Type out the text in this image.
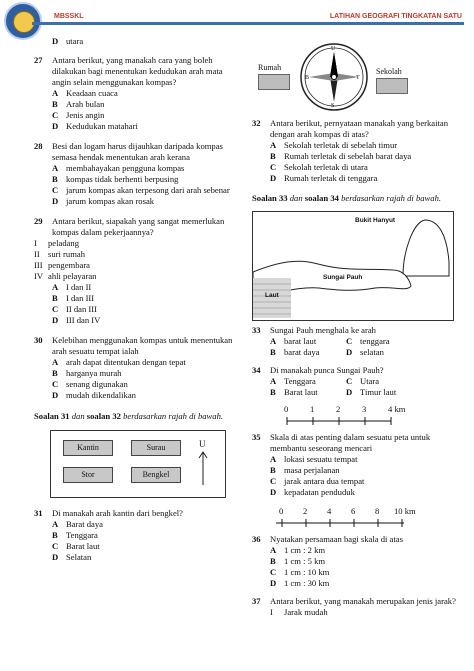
MBSSKL	LATIHAN GEOGRAFI TINGKATAN SATU
D utara
27 Antara berikut, yang manakah cara yang boleh dilakukan bagi menentukan kedudukan arah mata angin selain menggunakan kompas?
A Keadaan cuaca
B Arah bulan
C Jenis angin
D Kedudukan matahari
28 Besi dan logam harus dijauhkan daripada kompas semasa hendak menentukan arah kerana
A membahayakan pengguna kompas
B kompas tidak berhenti berpusing
C jarum kompas akan terpesong dari arah sebenar
D jarum kompas akan rosak
29 Antara berikut, siapakah yang sangat memerlukan kompas dalam pekerjaannya?
I peladang
II suri rumah
III pengembara
IV ahli pelayaran
A I dan II
B I dan III
C II dan III
D III dan IV
30 Kelebihan menggunakan kompas untuk menentukan arah sesuatu tempat ialah
A arah dapat ditentukan dengan tepat
B harganya murah
C senang digunakan
D mudah dikendalikan
Soalan 31 dan soalan 32 berdasarkan rajah di bawah.
Kantin	Surau
Stor	Bengkel
U
31 Di manakah arah kantin dari bengkel?
A Barat daya
B Tenggara
C Barat laut
D Selatan
Rumah	Sekolah
U
S
T
B
32 Antara berikut, pernyataan manakah yang berkaitan dengan arah kompas di atas?
A Sekolah terletak di sebelah timur
B Rumah terletak di sebelah barat daya
C Sekolah terletak di utara
D Rumah terletak di tenggara
Soalan 33 dan soalan 34 berdasarkan rajah di bawah.
Bukit Hanyut
Sungai Pauh
Laut
33 Sungai Pauh menghala ke arah
A barat laut	C tenggara
B barat daya	D selatan
34 Di manakah punca Sungai Pauh?
A Tenggara	C Utara
B Barat laut	D Timur laut
0	1	2	3	4 km
35 Skala di atas penting dalam sesuatu peta untuk membantu seseorang mencari
A lokasi sesuatu tempat
B masa perjalanan
C jarak antara dua tempat
D kepadatan penduduk
0 2 4 6 8 10 km
36 Nyatakan persamaan bagi skala di atas
A 1 cm : 2 km
B 1 cm : 5 km
C 1 cm : 10 km
D 1 cm : 30 km
37 Antara berikut, yang manakah merupakan jenis jarak?
I Jarak mudah
